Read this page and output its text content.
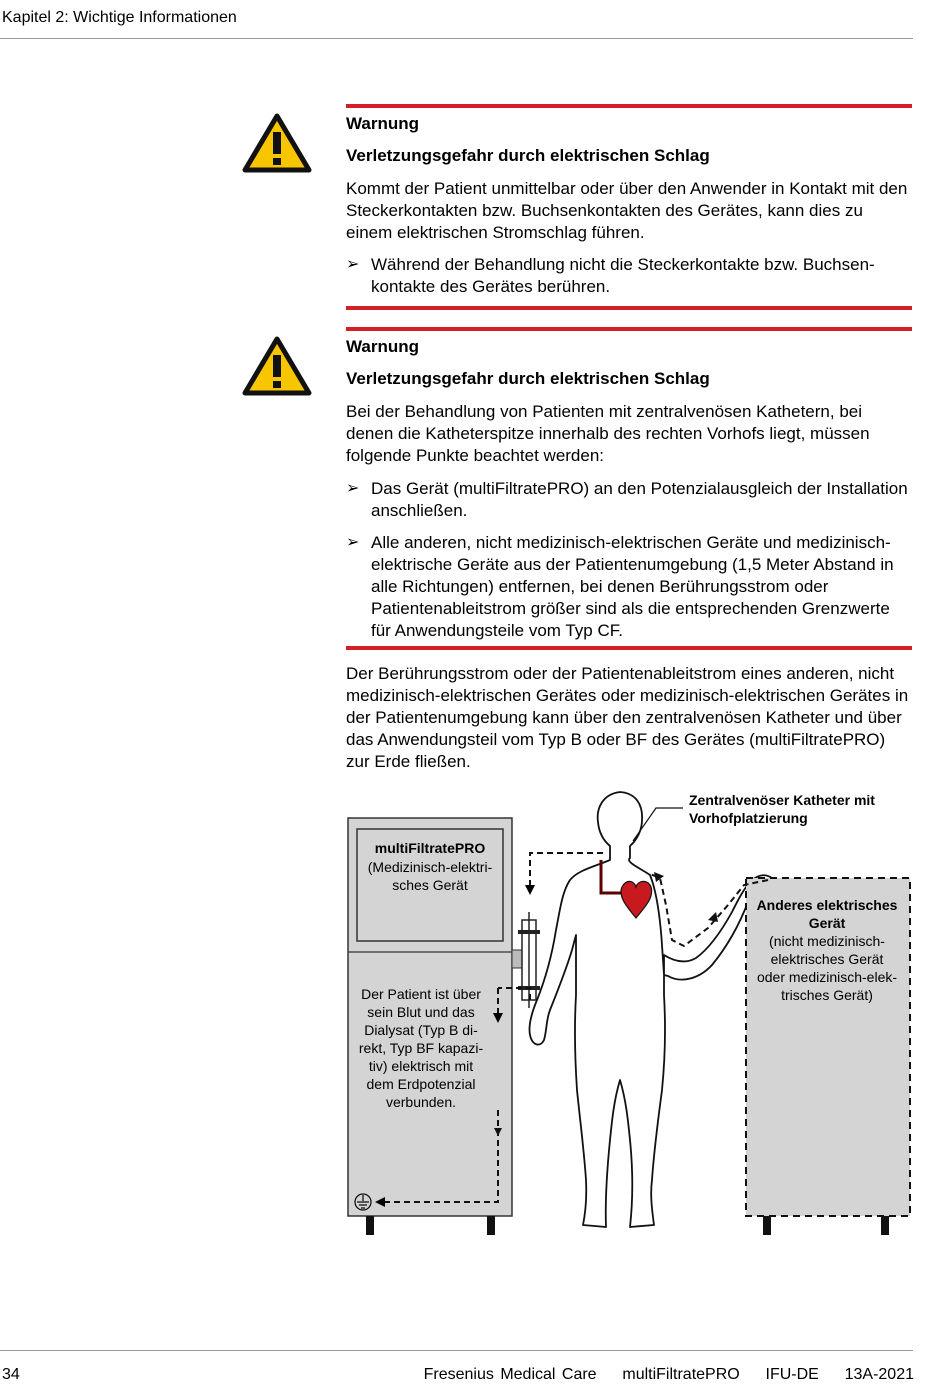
Kapitel 2: Wichtige Informationen
Warnung
Verletzungsgefahr durch elektrischen Schlag

Kommt der Patient unmittelbar oder über den Anwender in Kontakt mit den Steckerkontakten bzw. Buchsenkontakten des Gerätes, kann dies zu einem elektrischen Stromschlag führen.

➢ Während der Behandlung nicht die Steckerkontakte bzw. Buchsenkontakte des Gerätes berühren.
Warnung
Verletzungsgefahr durch elektrischen Schlag

Bei der Behandlung von Patienten mit zentralvenösen Kathetern, bei denen die Katheterspitze innerhalb des rechten Vorhofs liegt, müssen folgende Punkte beachtet werden:

➢ Das Gerät (multiFiltratePRO) an den Potenzialausgleich der Installation anschließen.
➢ Alle anderen, nicht medizinisch-elektrischen Geräte und medizinisch-elektrische Geräte aus der Patientenumgebung (1,5 Meter Abstand in alle Richtungen) entfernen, bei denen Berührungsstrom oder Patientenableitstrom größer sind als die entsprechenden Grenzwerte für Anwendungsteile vom Typ CF.

Der Berührungsstrom oder der Patientenableitstrom eines anderen, nicht medizinisch-elektrischen Gerätes oder medizinisch-elektrischen Gerätes in der Patientenumgebung kann über den zentralvenösen Katheter und über das Anwendungsteil vom Typ B oder BF des Gerätes (multiFiltratePRO) zur Erde fließen.

multiFiltratePRO
(Medizinisch-elektri-
sches Gerät
Der Patient ist über
sein Blut und das
Dialysat (Typ B di-
rekt, Typ BF kapazi-
tiv) elektrisch mit
dem Erdpotenzial
verbunden.
Zentralvenöser Katheter mit
Vorhofplatzierung
Anderes elektrisches
Gerät
(nicht medizinisch-
elektrisches Gerät
oder medizinisch-elek-
trisches Gerät)
34	Fresenius Medical Care multiFiltratePRO IFU-DE 13A-2021
